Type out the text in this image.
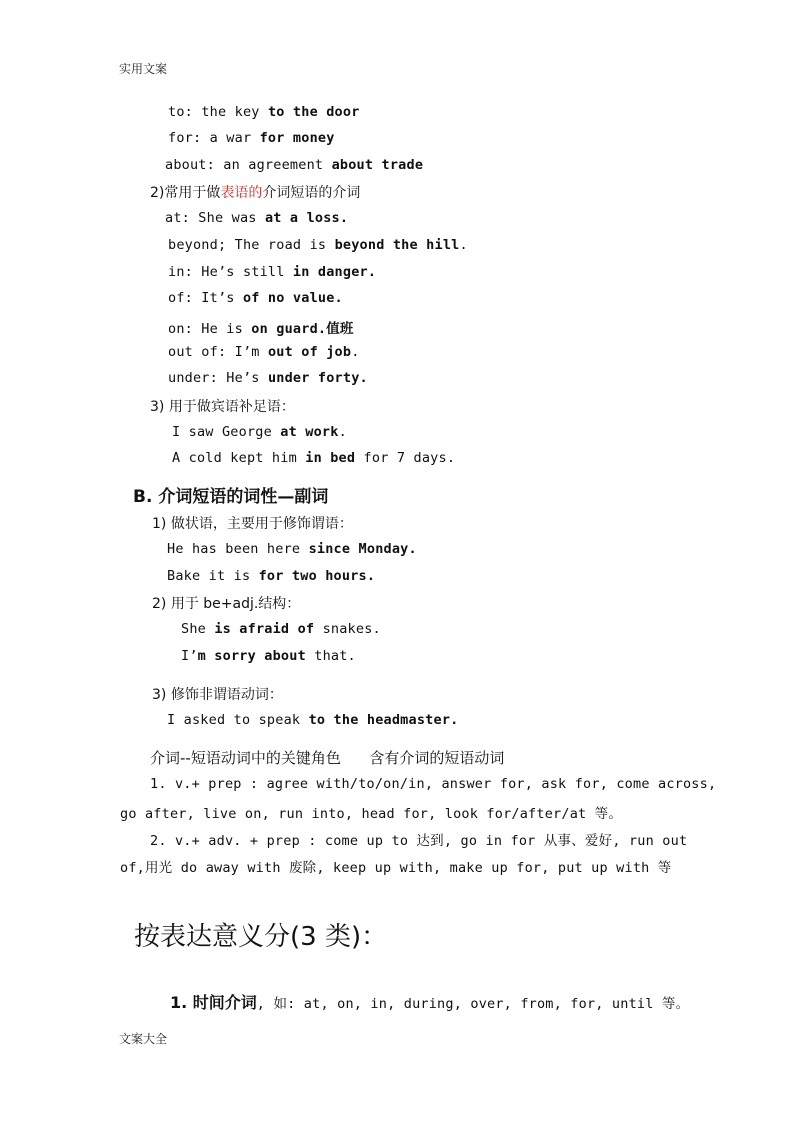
实用文案
to: the key to the door
for: a war for money
about: an agreement about trade
2)常用于做表语的介词短语的介词
at: She was at a loss.
beyond; The road is beyond the hill.
in: He’s still in danger.
of: It’s of no value.
on: He is on guard.值班
out of: I’m out of job.
under: He’s under forty.
3) 用于做宾语补足语：
I saw George at work.
A cold kept him in bed for 7 days.
B. 介词短语的词性—副词
1) 做状语，主要用于修饰谓语：
He has been here since Monday.
Bake it is for two hours.
2) 用于 be+adj.结构：
She is afraid of snakes.
I’m sorry about that.
3) 修饰非谓语动词：
I asked to speak to the headmaster.
介词--短语动词中的关键角色      含有介词的短语动词
1. v.+ prep : agree with/to/on/in, answer for, ask for, come across,
go after, live on, run into, head for, look for/after/at 等。
2. v.+ adv. + prep : come up to 达到, go in for 从事、爱好, run out
of,用光 do away with 废除, keep up with, make up for, put up with 等
按表达意义分(3 类)：
1. 时间介词, 如: at, on, in, during, over, from, for, until 等。
文案大全
